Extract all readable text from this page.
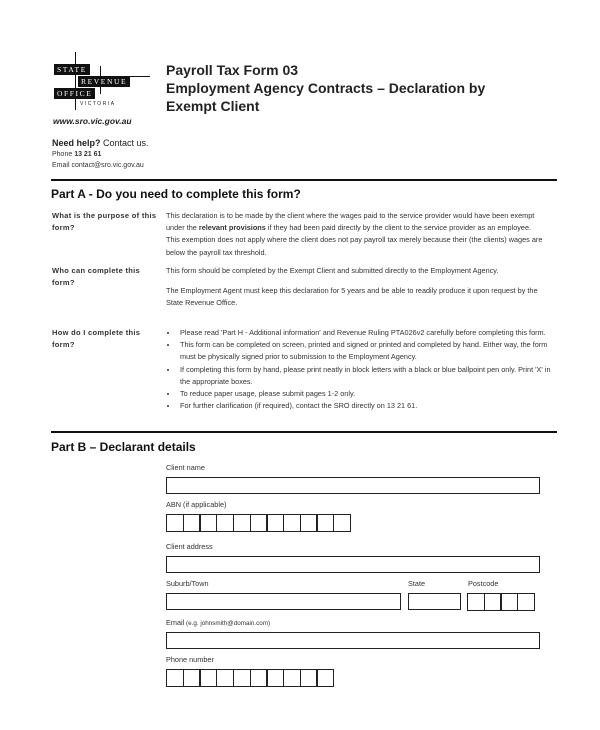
STATE
REVENUE
OFFICE
VICTORIA
www.sro.vic.gov.au
Need help? Contact us.
Phone 13 21 61
Email contact@sro.vic.gov.au
Payroll Tax Form 03
Employment Agency Contracts – Declaration by
Exempt Client
Part A - Do you need to complete this form?
What is the purpose of this form?
This declaration is to be made by the client where the wages paid to the service provider would have been exempt under the relevant provisions if they had been paid directly by the client to the service provider as an employee. This exemption does not apply where the client does not pay payroll tax merely because their (the clients) wages are below the payroll tax threshold.
Who can complete this form?

This form should be completed by the Exempt Client and submitted directly to the Employment Agency.

The Employment Agent must keep this declaration for 5 years and be able to readily produce it upon request by the State Revenue Office.

How do I complete this form?
• Please read 'Part H - Additional information' and Revenue Ruling PTA026v2 carefully before completing this form.
• This form can be completed on screen, printed and signed or printed and completed by hand. Either way, the form must be physically signed prior to submission to the Employment Agency.
• If completing this form by hand, please print neatly in block letters with a black or blue ballpoint pen only. Print 'X' in the appropriate boxes.
• To reduce paper usage, please submit pages 1-2 only.
• For further clarification (if required), contact the SRO directly on 13 21 61.
Part B – Declarant details
Client name
ABN (if applicable)
Client address
Suburb/Town	State	Postcode
Email (e.g. johnsmith@domain.com)
Phone number
